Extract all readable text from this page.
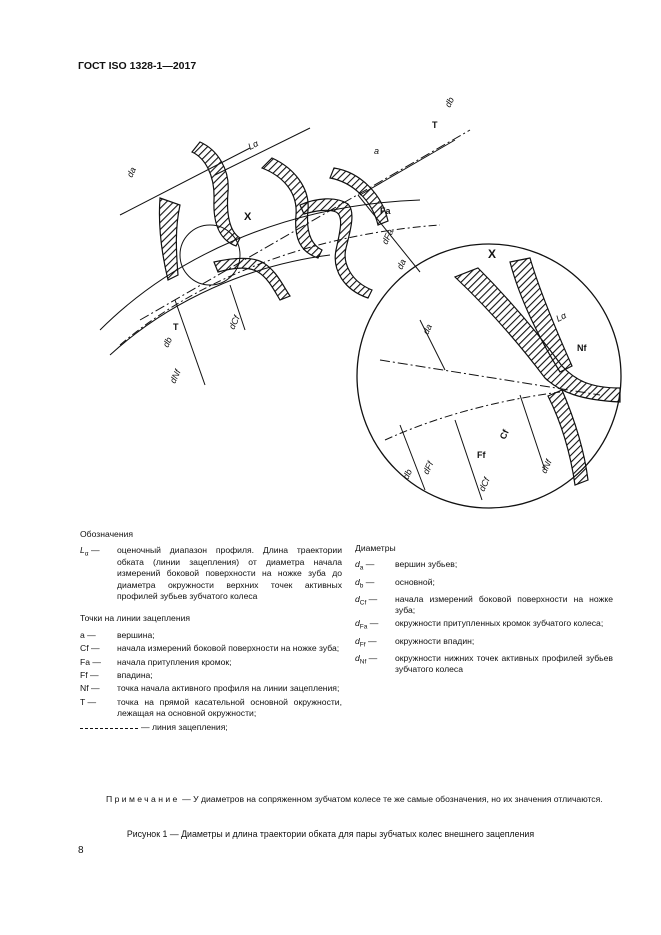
ГОСТ ISO 1328-1—2017
Lα
da
db
T
a
Fa
dFa
da
X
X
T
db
dNf
dCf	da
Lα
Nf
Cf
Ff
dFf
dCf
dNf
db
Обозначения
$L_\alpha$ —	оценочный диапазон профиля. Длина траектории обката (линии зацепления) от диаметра начала измерений боковой поверхности на ножке зуба до диаметра окружности верхних точек активных профилей зубьев зубчатого колеса
Точки на линии зацепления
a —	вершина;
Cf —	начала измерений боковой поверхности на ножке зуба;
Fa —	начала притупления кромок;
Ff —	впадина;
Nf —	точка начала активного профиля на линии зацепления;
T —	точка на прямой касательной основной окружности, лежащая на основной окружности;
— линия зацепления;
Диаметры
$d_a$ —	вершин зубьев;
$d_b$ —	основной;
$d_{Cf}$ —	начала измерений боковой поверхности на ножке зуба;
$d_{Fa}$ —	окружности притупленных кромок зубчатого колеса;
$d_{Ff}$ —	окружности впадин;
$d_{Nf}$ —	окружности нижних точек активных профилей зубьев зубчатого колеса
Примечание — У диаметров на сопряженном зубчатом колесе те же самые обозначения, но их значения отличаются.
Рисунок 1 — Диаметры и длина траектории обката для пары зубчатых колес внешнего зацепления
8
